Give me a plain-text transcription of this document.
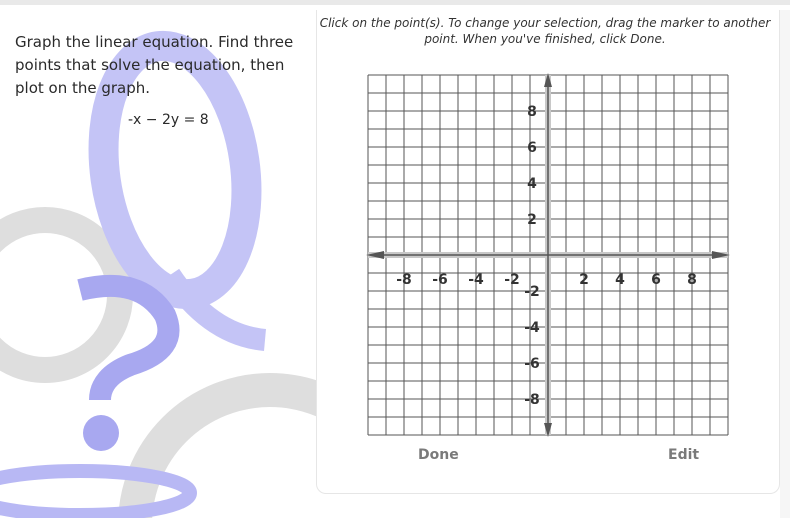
Graph the linear equation. Find three points that solve the equation, then plot on the graph.
-x − 2y = 8
Click on the point(s). To change your selection, drag the marker to another point. When you've finished, click Done.
-8 -6 -4 -2	2 4 6 8
8
6
4
2
-2
-4
-6
-8
Done	Edit
